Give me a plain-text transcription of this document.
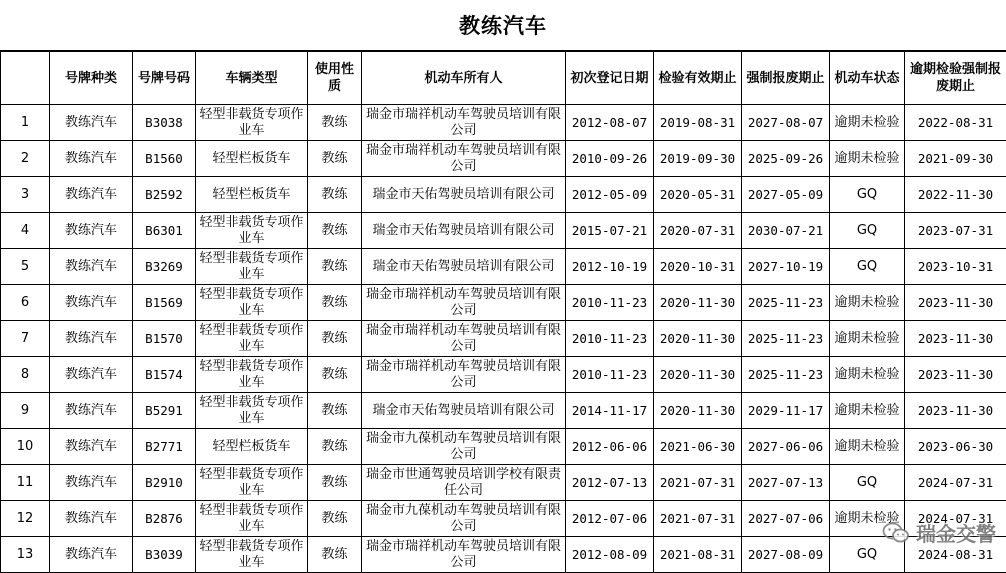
教练汽车
	号牌种类	号牌号码	车辆类型	使用性质	机动车所有人	初次登记日期	检验有效期止	强制报废期止	机动车状态	逾期检验强制报废期止
1	教练汽车	B3038	轻型非载货专项作业车	教练	瑞金市瑞祥机动车驾驶员培训有限公司	2012-08-07	2019-08-31	2027-08-07	逾期未检验	2022-08-31
2	教练汽车	B1560	轻型栏板货车	教练	瑞金市瑞祥机动车驾驶员培训有限公司	2010-09-26	2019-09-30	2025-09-26	逾期未检验	2021-09-30
3	教练汽车	B2592	轻型栏板货车	教练	瑞金市天佑驾驶员培训有限公司	2012-05-09	2020-05-31	2027-05-09	GQ	2022-11-30
4	教练汽车	B6301	轻型非载货专项作业车	教练	瑞金市天佑驾驶员培训有限公司	2015-07-21	2020-07-31	2030-07-21	GQ	2023-07-31
5	教练汽车	B3269	轻型非载货专项作业车	教练	瑞金市天佑驾驶员培训有限公司	2012-10-19	2020-10-31	2027-10-19	GQ	2023-10-31
6	教练汽车	B1569	轻型非载货专项作业车	教练	瑞金市瑞祥机动车驾驶员培训有限公司	2010-11-23	2020-11-30	2025-11-23	逾期未检验	2023-11-30
7	教练汽车	B1570	轻型非载货专项作业车	教练	瑞金市瑞祥机动车驾驶员培训有限公司	2010-11-23	2020-11-30	2025-11-23	逾期未检验	2023-11-30
8	教练汽车	B1574	轻型非载货专项作业车	教练	瑞金市瑞祥机动车驾驶员培训有限公司	2010-11-23	2020-11-30	2025-11-23	逾期未检验	2023-11-30
9	教练汽车	B5291	轻型非载货专项作业车	教练	瑞金市天佑驾驶员培训有限公司	2014-11-17	2020-11-30	2029-11-17	逾期未检验	2023-11-30
10	教练汽车	B2771	轻型栏板货车	教练	瑞金市九葆机动车驾驶员培训有限公司	2012-06-06	2021-06-30	2027-06-06	逾期未检验	2023-06-30
11	教练汽车	B2910	轻型非载货专项作业车	教练	瑞金市世通驾驶员培训学校有限责任公司	2012-07-13	2021-07-31	2027-07-13	GQ	2024-07-31
12	教练汽车	B2876	轻型非载货专项作业车	教练	瑞金市九葆机动车驾驶员培训有限公司	2012-07-06	2021-07-31	2027-07-06	逾期未检验	2024-07-31
13	教练汽车	B3039	轻型非载货专项作业车	教练	瑞金市瑞祥机动车驾驶员培训有限公司	2012-08-09	2021-08-31	2027-08-09	GQ	2024-08-31
瑞金交警
